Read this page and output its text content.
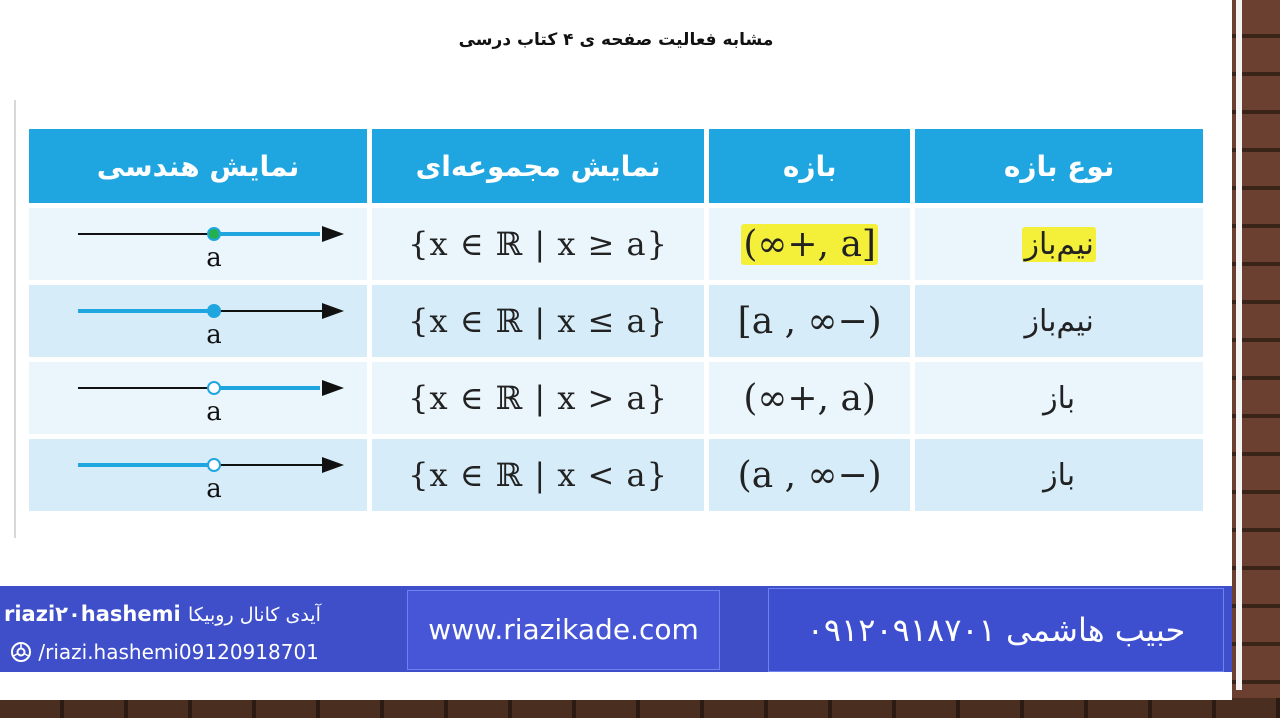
مشابه فعالیت صفحه ی ۴ کتاب درسی
نوع بازه	بازه	نمایش مجموعه‌ای	نمایش هندسی
نیم‌باز	[a ,+∞)	{x ∈ ℝ | x ≥ a}	a

نیم‌باز	(−∞ , a]	{x ∈ ℝ | x ≤ a}	a

باز	(a ,+∞)	{x ∈ ℝ | x > a}	a

باز	(−∞ , a)	{x ∈ ℝ | x < a}	a
riazi۲۰hashemi آیدی کانال روبیکا
/riazi.hashemi09120918701
www.riazikade.com	حبیب هاشمی ۰۹۱۲۰۹۱۸۷۰۱
